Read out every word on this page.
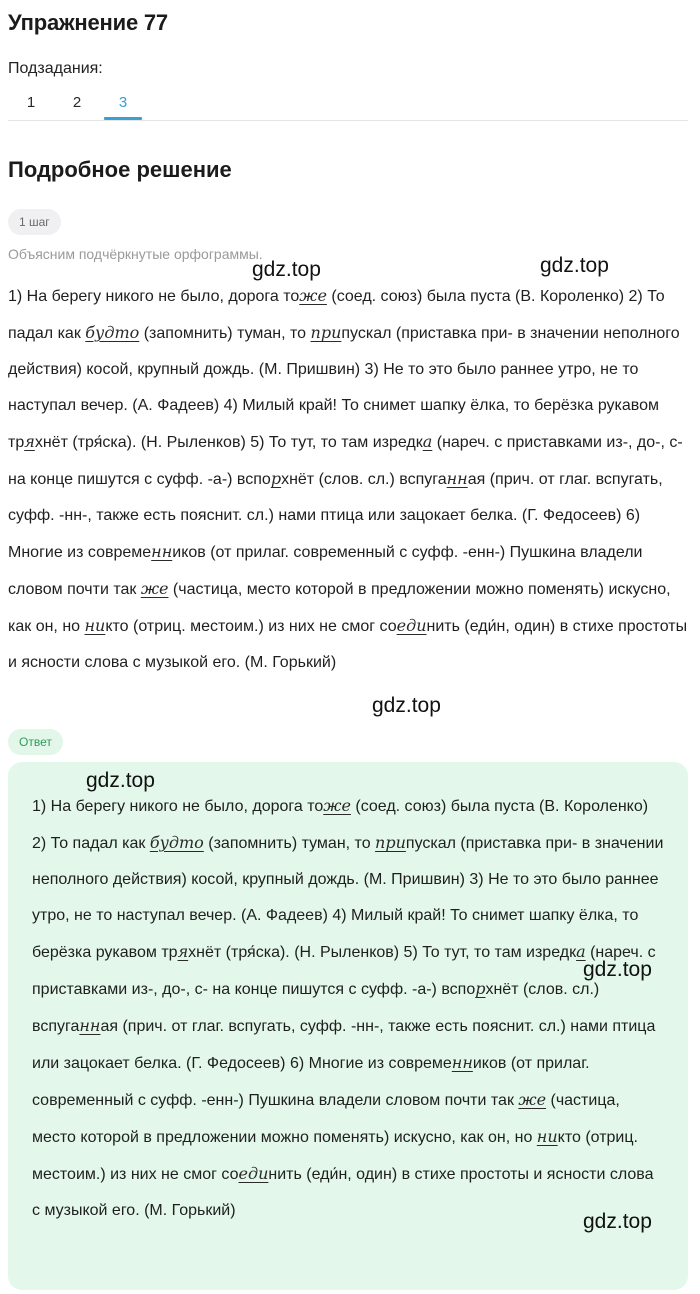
Упражнение 77
Подзадания:
1	2	3
Подробное решение
1 шаг
Объясним подчёркнутые орфограммы.
1) На берегу никого не было, дорога тоже (соед. союз) была пуста (В. Короленко) 2) То падал как будто (запомнить) туман, то припускал (приставка при- в значении неполного действия) косой, крупный дождь. (М. Пришвин) 3) Не то это было раннее утро, не то наступал вечер. (А. Фадеев) 4) Милый край! То снимет шапку ёлка, то берёзка рукавом тряхнёт (тря́ска). (Н. Рыленков) 5) То тут, то там изредка (нареч. с приставками из-, до-, с- на конце пишутся с суфф. -а-) вспорхнёт (слов. сл.) вспуганная (прич. от глаг. вспугать, суфф. -нн-, также есть пояснит. сл.) нами птица или зацокает белка. (Г. Федосеев) 6) Многие из современников (от прилаг. современный с суфф. -енн-) Пушкина владели словом почти так же (частица, место которой в предложении можно поменять) искусно, как он, но никто (отриц. местоим.) из них не смог соединить (еди́н, один) в стихе простоты и ясности слова с музыкой его. (М. Горький)
Ответ
1) На берегу никого не было, дорога тоже (соед. союз) была пуста (В. Короленко) 2) То падал как будто (запомнить) туман, то припускал (приставка при- в значении неполного действия) косой, крупный дождь. (М. Пришвин) 3) Не то это было раннее утро, не то наступал вечер. (А. Фадеев) 4) Милый край! То снимет шапку ёлка, то берёзка рукавом тряхнёт (тря́ска). (Н. Рыленков) 5) То тут, то там изредка (нареч. с приставками из-, до-, с- на конце пишутся с суфф. -а-) вспорхнёт (слов. сл.) вспуганная (прич. от глаг. вспугать, суфф. -нн-, также есть пояснит. сл.) нами птица или зацокает белка. (Г. Федосеев) 6) Многие из современников (от прилаг. современный с суфф. -енн-) Пушкина владели словом почти так же (частица, место которой в предложении можно поменять) искусно, как он, но никто (отриц. местоим.) из них не смог соединить (еди́н, один) в стихе простоты и ясности слова с музыкой его. (М. Горький)
gdz.top	gdz.top
gdz.top
gdz.top
gdz.top
gdz.top
